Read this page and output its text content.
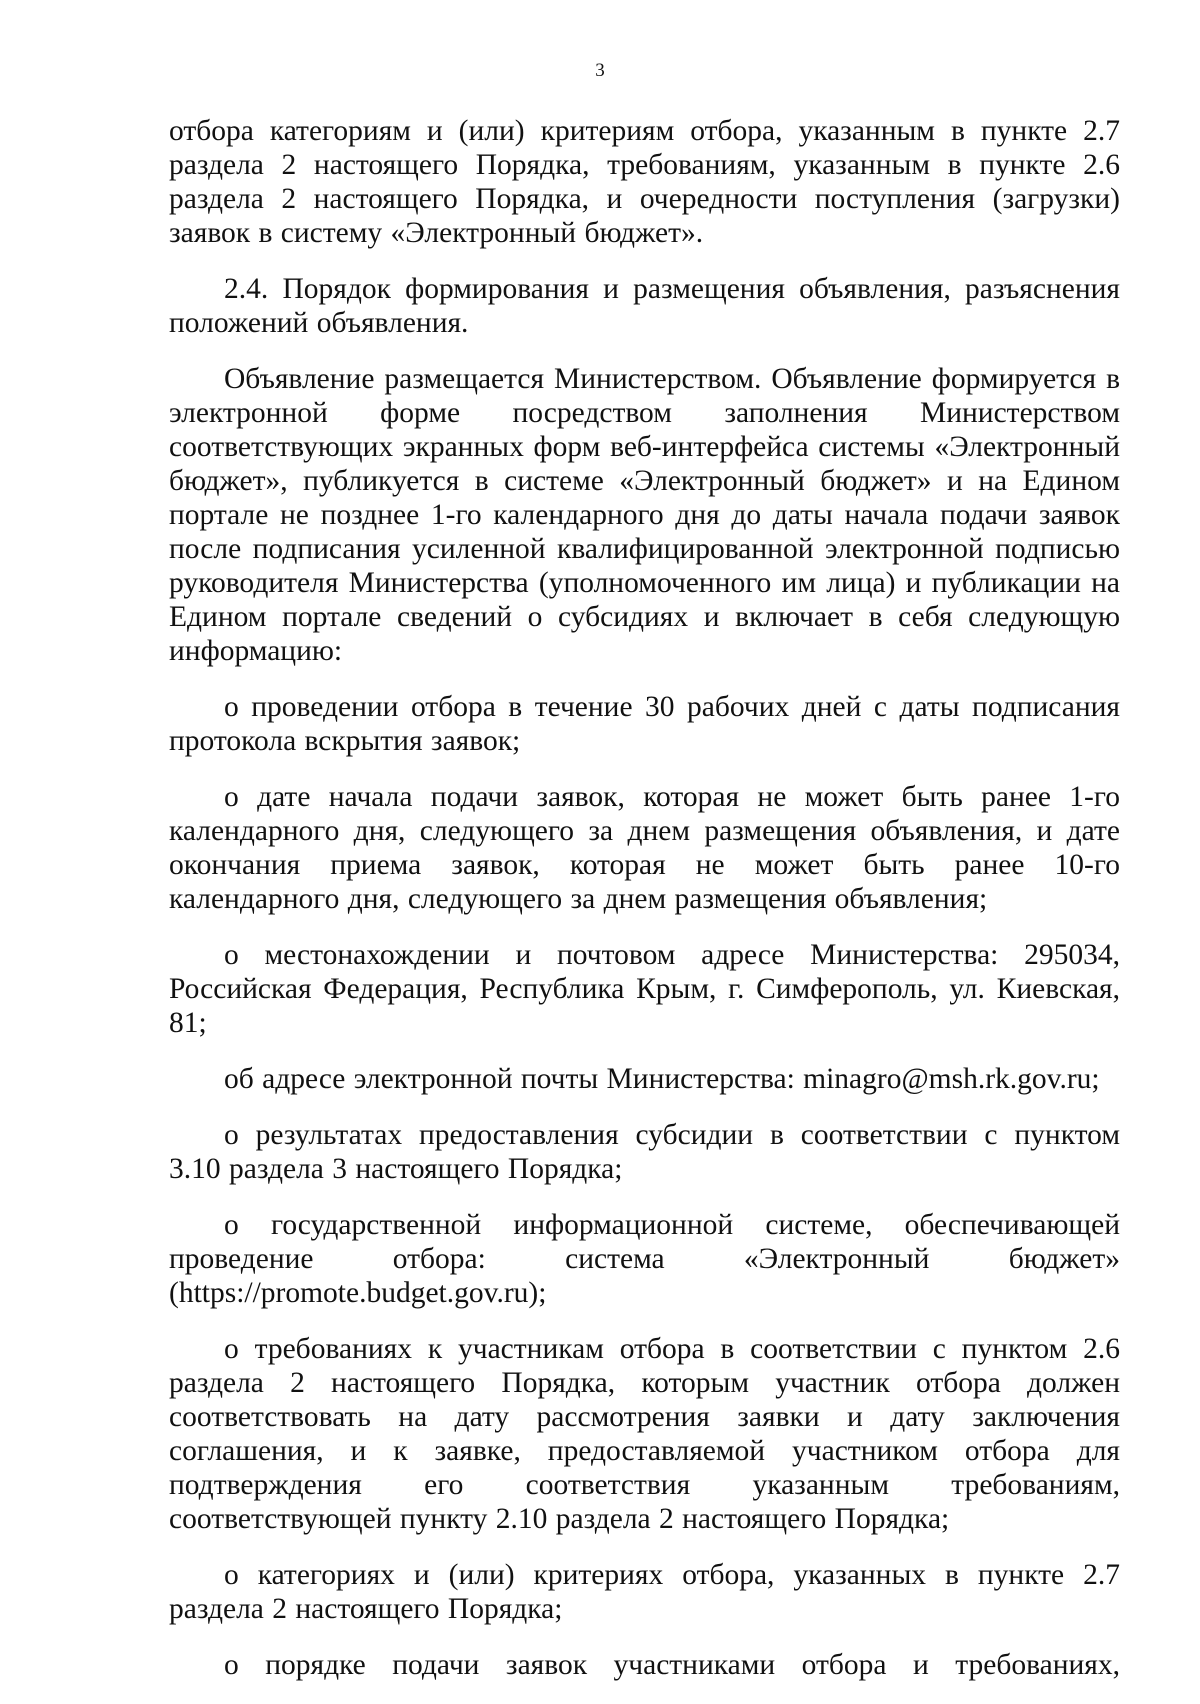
3

отбора категориям и (или) критериям отбора, указанным в пункте 2.7 раздела 2 настоящего Порядка, требованиям, указанным в пункте 2.6 раздела 2 настоящего Порядка, и очередности поступления (загрузки) заявок в систему «Электронный бюджет».

2.4. Порядок формирования и размещения объявления, разъяснения положений объявления.

Объявление размещается Министерством. Объявление формируется в электронной форме посредством заполнения Министерством соответствующих экранных форм веб-интерфейса системы «Электронный бюджет», публикуется в системе «Электронный бюджет» и на Едином портале не позднее 1-го календарного дня до даты начала подачи заявок после подписания усиленной квалифицированной электронной подписью руководителя Министерства (уполномоченного им лица) и публикации на Едином портале сведений о субсидиях и включает в себя следующую информацию:

о проведении отбора в течение 30 рабочих дней с даты подписания протокола вскрытия заявок;

о дате начала подачи заявок, которая не может быть ранее 1-го календарного дня, следующего за днем размещения объявления, и дате окончания приема заявок, которая не может быть ранее 10-го календарного дня, следующего за днем размещения объявления;

о местонахождении и почтовом адресе Министерства: 295034, Российская Федерация, Республика Крым, г. Симферополь, ул. Киевская, 81;

об адресе электронной почты Министерства: minagro@msh.rk.gov.ru;

о результатах предоставления субсидии в соответствии с пунктом 3.10 раздела 3 настоящего Порядка;

о государственной информационной системе, обеспечивающей проведение отбора: система «Электронный бюджет» (https://promote.budget.gov.ru);

о требованиях к участникам отбора в соответствии с пунктом 2.6 раздела 2 настоящего Порядка, которым участник отбора должен соответствовать на дату рассмотрения заявки и дату заключения соглашения, и к заявке, предоставляемой участником отбора для подтверждения его соответствия указанным требованиям, соответствующей пункту 2.10 раздела 2 настоящего Порядка;

о категориях и (или) критериях отбора, указанных в пункте 2.7 раздела 2 настоящего Порядка;

о порядке подачи заявок участниками отбора и требованиях,
